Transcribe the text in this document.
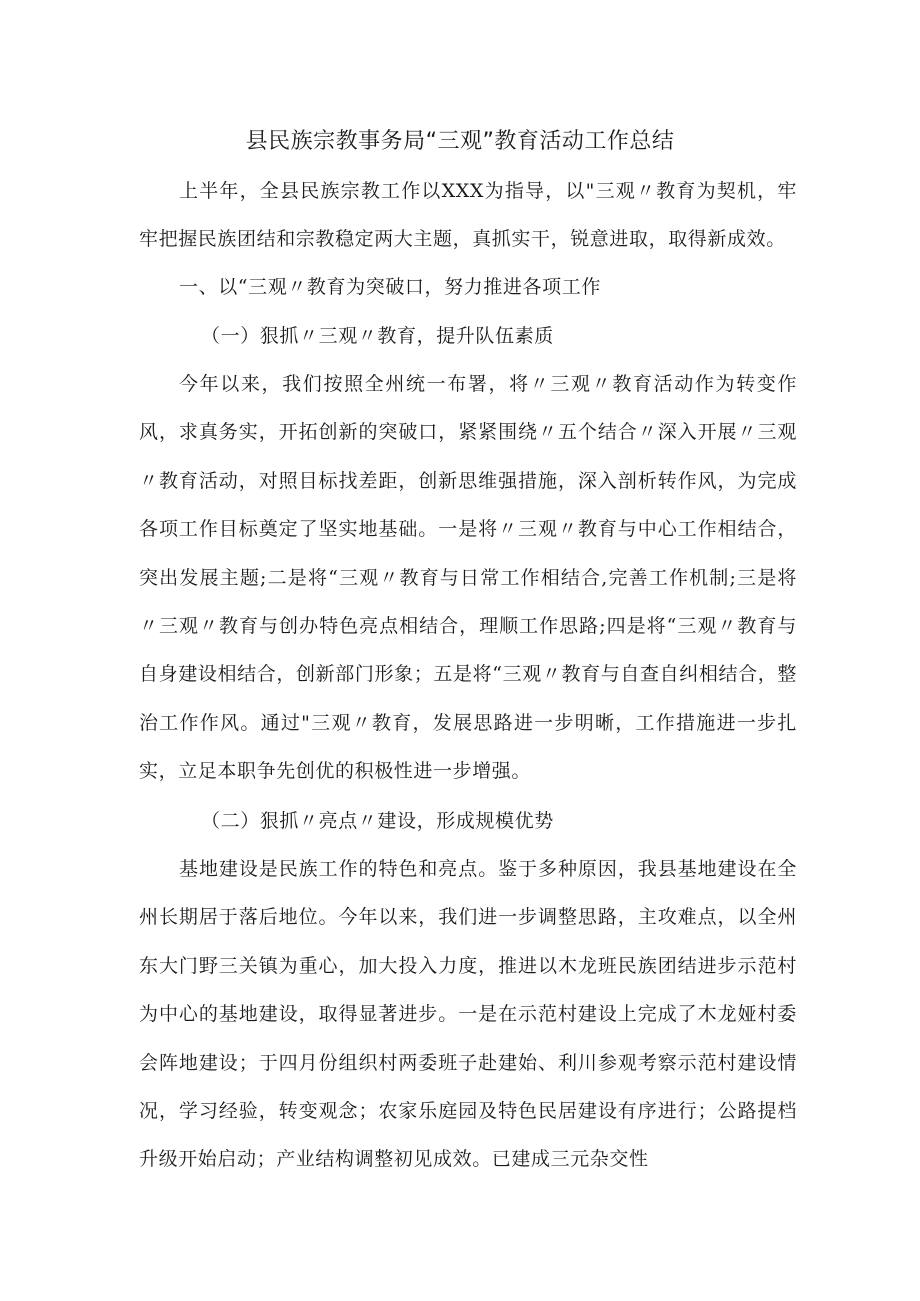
县民族宗教事务局“三观”教育活动工作总结

上半年，全县民族宗教工作以XXX为指导，以"三观〃教育为契机，牢牢把握民族团结和宗教稳定两大主题，真抓实干，锐意进取，取得新成效。

一、以“三观〃教育为突破口，努力推进各项工作

（一）狠抓〃三观〃教育，提升队伍素质

今年以来，我们按照全州统一布署，将〃三观〃教育活动作为转变作风，求真务实，开拓创新的突破口，紧紧围绕〃五个结合〃深入开展〃三观〃教育活动，对照目标找差距，创新思维强措施，深入剖析转作风，为完成各项工作目标奠定了坚实地基础。一是将〃三观〃教育与中心工作相结合，突出发展主题;二是将“三观〃教育与日常工作相结合,完善工作机制;三是将〃三观〃教育与创办特色亮点相结合，理顺工作思路;四是将“三观〃教育与自身建设相结合，创新部门形象；五是将“三观〃教育与自查自纠相结合，整治工作作风。通过"三观〃教育，发展思路进一步明晰，工作措施进一步扎实，立足本职争先创优的积极性进一步增强。

（二）狠抓〃亮点〃建设，形成规模优势

基地建设是民族工作的特色和亮点。鉴于多种原因，我县基地建设在全州长期居于落后地位。今年以来，我们进一步调整思路，主攻难点，以全州东大门野三关镇为重心，加大投入力度，推进以木龙班民族团结进步示范村为中心的基地建设，取得显著进步。一是在示范村建设上完成了木龙娅村委会阵地建设；于四月份组织村两委班子赴建始、利川参观考察示范村建设情况，学习经验，转变观念；农家乐庭园及特色民居建设有序进行；公路提档升级开始启动；产业结构调整初见成效。已建成三元杂交性
